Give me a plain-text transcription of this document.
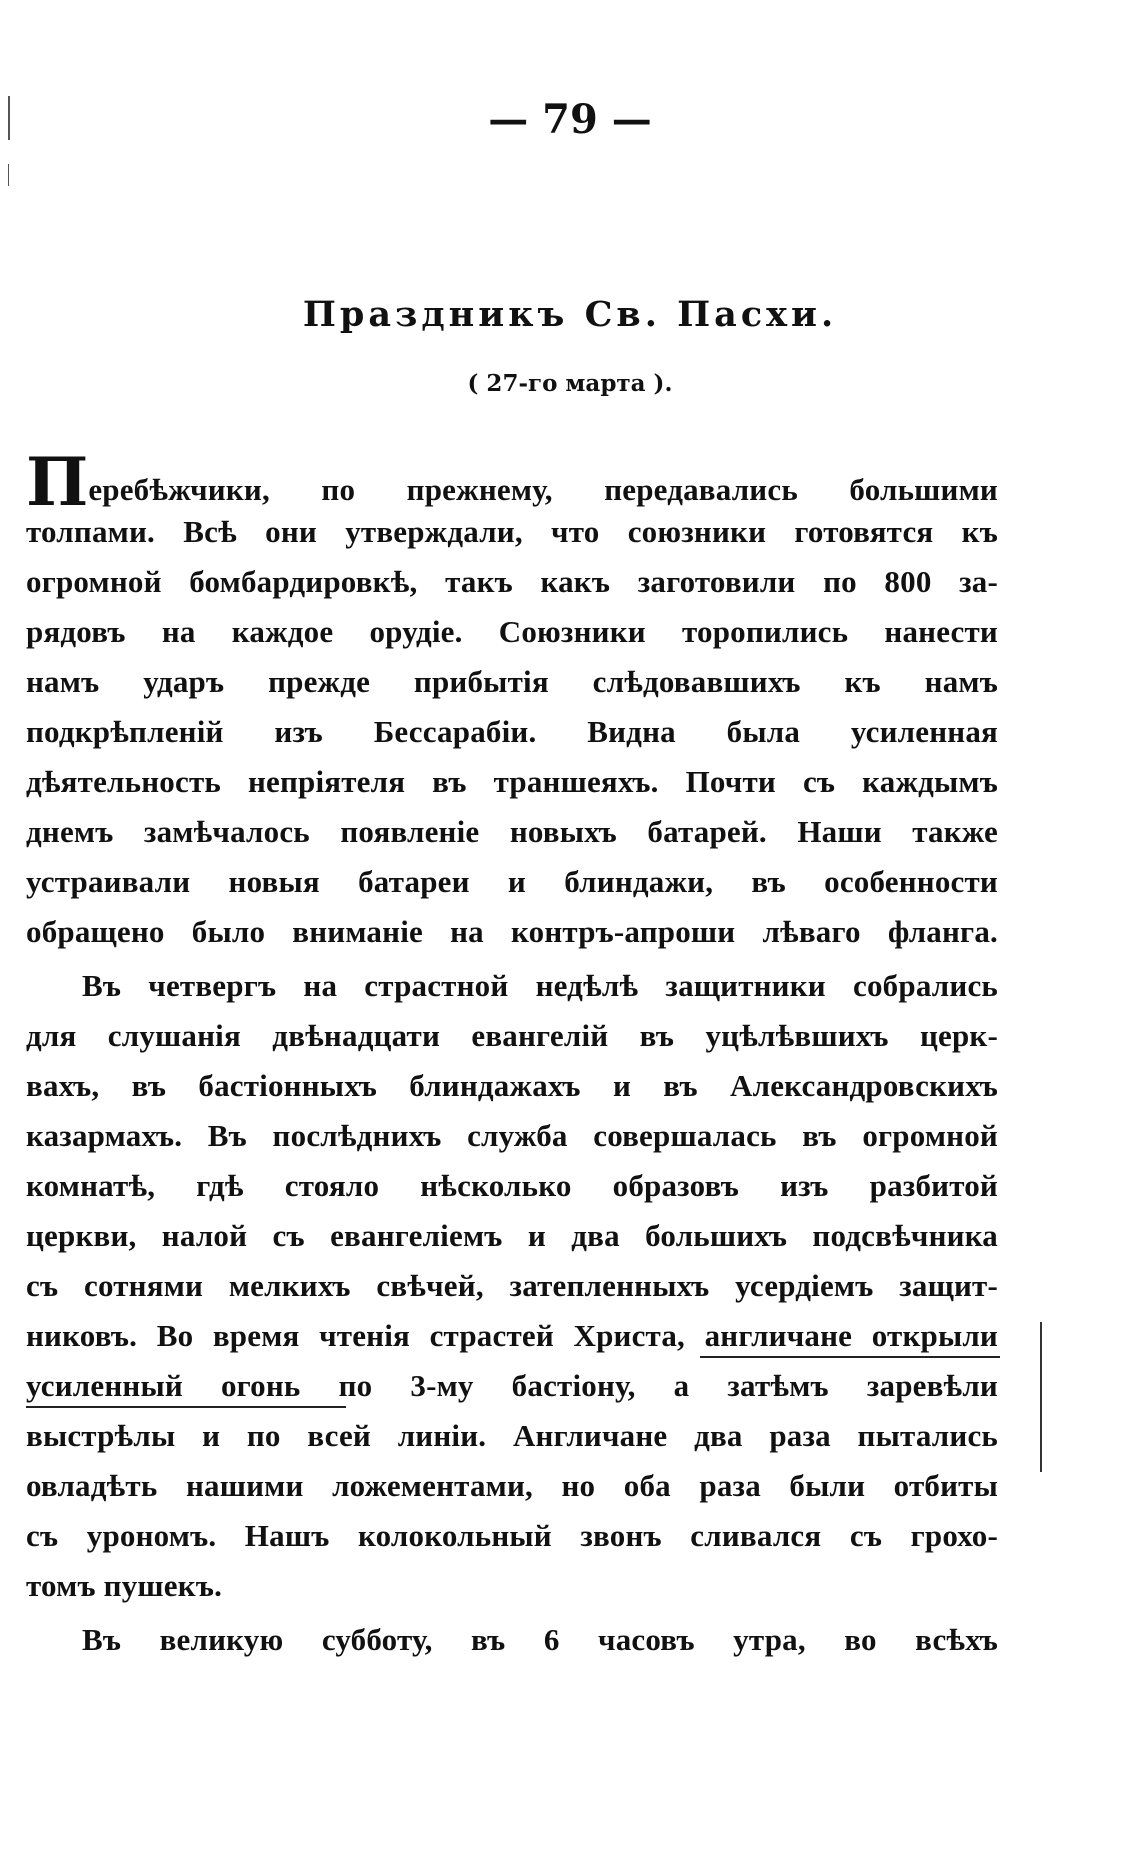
— 79 —
Праздникъ Св. Пасхи.
( 27-го марта ).
Перебѣжчики, по прежнему, передавались большими
толпами. Всѣ они утверждали, что союзники готовятся къ
огромной бомбардировкѣ, такъ какъ заготовили по 800 за-
рядовъ на каждое орудіе. Союзники торопились нанести
намъ ударъ прежде прибытія слѣдовавшихъ къ намъ
подкрѣпленій изъ Бессарабіи. Видна была усиленная
дѣятельность непріятеля въ траншеяхъ. Почти съ каждымъ
днемъ замѣчалось появленіе новыхъ батарей. Наши также
устраивали новыя батареи и блиндажи, въ особенности
обращено было вниманіе на контръ-апроши лѣваго фланга.
Въ четвергъ на страстной недѣлѣ защитники собрались
для слушанія двѣнадцати евангелій въ уцѣлѣвшихъ церк-
вахъ, въ бастіонныхъ блиндажахъ и въ Александровскихъ
казармахъ. Въ послѣднихъ служба совершалась въ огромной
комнатѣ, гдѣ стояло нѣсколько образовъ изъ разбитой
церкви, налой съ евангеліемъ и два большихъ подсвѣчника
съ сотнями мелкихъ свѣчей, затепленныхъ усердіемъ защит-
никовъ. Во время чтенія страстей Христа, англичане открыли
усиленный огонь по 3-му бастіону, а затѣмъ заревѣли
выстрѣлы и по всей линіи. Англичане два раза пытались
овладѣть нашими ложементами, но оба раза были отбиты
съ урономъ. Нашъ колокольный звонъ сливался съ грохо-
томъ пушекъ.
Въ великую субботу, въ 6 часовъ утра, во всѣхъ
